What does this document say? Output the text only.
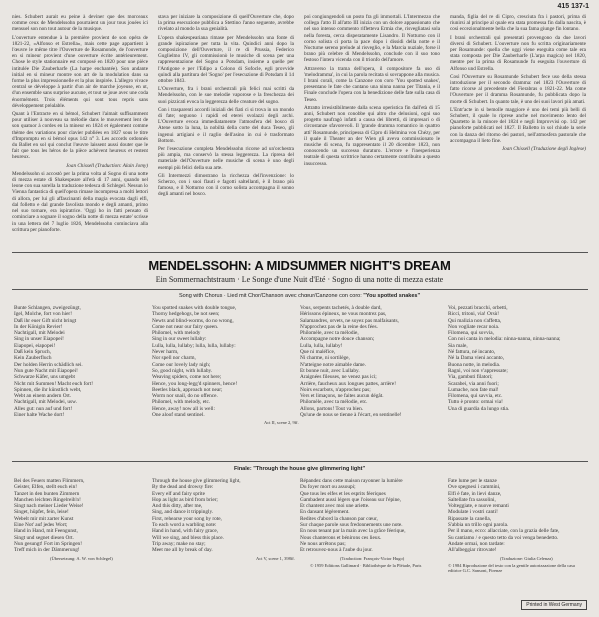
415 137-1

nies. Schubert aurait eu peine à deviner que des morceaux comme ceux de Mendelssohn pourraient un jour tous jouées ici mensuel son non tout autour de la musique.

L'ouverture entendue à la première provient de son opéra de 1821-22, «Alfonso et Estrella», mais cette page appartient à l'œuvre le même titre l'Ouverture de Rosamonde, de l'ouverture en si mineur provient d'une ouverture écrite antérieurement. Chose le style stationnaire est composé en 1820 pour une pièce intitulée Die Zauberharfe (La harpe enchantée). Son andante initial en si mineur montre son art de la modulation dans sa forme la plus impressionnelle et la plus inspirée. L'allegro vivace central se développe à partir d'un air de marche joyeuse, en ut, d'un ensemble sans surprise aucune, et tout se joue avec une coda énormément. Trois éléments qui sont tous repris sans développement préalable.

Quant à l'Entracte en si bémol, Schubert l'aimait suffisamment pour utiliser à nouveau sa mélodie dans le mouvement lent de son quatuor à cordes en la mineur en 1824 et également comme thème des variations pour clavier publiées en 1827 sous le titre d'Impromptu en si bémol opus 142 n° 3. Les accords ordonnés du Ballet en sol qui conclut l'œuvre laissent aussi douter que le fait que tous les héros de la pièce achèvent heureux et restent heureux.

Joan Chissell (Traduction: Alain Jomy)

Mendelssohn si accostò per la prima volta al Sogno di una notte di mezza estate di Shakespeare all'età di 17 anni, quando nel leone con sua sorella la traduzione tedesca di Schlegel. Nessun lo Vienna fantastica di quell'opera rimase incompresa a molti lettori di allora, per lui gli affascinanti della magia evocata dagli elfi, dal folletto e dal grande favolista mondo e degli amanti, primo nel suo tornare, era ispiratrice. 'Oggi ho in fatti pensato di cominciare a sognare il sogno della notte di mezza estate' scrisse in una lettera del 7 luglio 1826, Mendelssohn cominciava alla scrittura per pianoforte.

stava per iniziare la composizione di quell'Ouverture che, dopo la prima esecuzione pubblica a Stettino l'anno seguente, avrebbe rivelato al mondo la sua genialità.

L'opera shakespeariana rimase per Mendelssohn una fonte di grande ispirazione per tutta la vita. Quindici anni dopo la composizione dell'Ouverture, il re di Prussia, Federico Guglielmo IV, gli commissionò le musiche di scena per una rappresentazione del Sogno a Potsdam, insieme a quelle per l'Antigone e per l'Edipo a Colono di Sofocle, egli provvide quindi alla partitura del 'Sogno' per l'esecuzione di Potsdam il 14 ottobre 1843.

L'Ouverture, fra i brani orchestrali più felici mai scritti da Mendelssohn, con le sue melodie vaporose e la freschezza dei suoi pizzicati evoca la leggerezza delle creature del sogno.

Con i trasparenti accordi iniziali dei fiati ci si trova in un mondo di fate; seguono i rapidi ed eterei svolazzi degli archi. L'Ouverture evoca immediatamente l'atmosfera del bosco di Atene sotto la luna, la nobiltà della corte del duca Teseo, gli ingenui artigiani e il raglio dell'asino in cui è trasformato Bottom.

Per l'esecuzione completa Mendelssohn ricorse ad un'orchestra più ampia, ma conservò la stessa leggerezza. La ripresa del materiale dell'Ouverture nelle musiche di scena è uno degli esempi più felici della sua arte.

Gli Intermezzi dimostrano la ricchezza dell'invenzione: lo Scherzo, con i suoi flauti e fagotti saltellanti, è il brano più famoso, e il Notturno con il corno solista accompagna il sonno degli amanti nel bosco.

poi congiungendoli un posto fra gli immortali. L'Intermezzo che collega l'atto II all'atto III inizia con un dolore appassionato che nel suo intenso commento rifletteva Ermia che, risvegliatasi sola nella foresta, cerca disperatamente Lisandro. Il Notturno con il corno solista ci porta la pace dopo i dissidi della notte e il Nocturne sereno prelude al risveglio, e la Marcia nuziale, forse il brano più celebre di Mendelssohn, conclude con il suo tono festoso l'intera vicenda con il trionfo dell'amore.

Attraverso la trama dell'opera, il compositore fa uso di 'melodramma', in cui la parola recitata si sovrappone alla musica. I brani corali, come la Canzone con coro 'You spotted snakes', presentano le fate che cantano una ninna nanna per Titania, e il Finale conclude l'opera con la benedizione delle fate sulla casa di Teseo.

Attratto irresistibilmente dalla scena operistica fin dall'età di 15 anni, Schubert non conobbe qui altro che delusioni, ogni suo progetto naufragò infatti a causa dei libretti, di impresari o di circostanze sfavorevoli. Il 'grande dramma romantico in quattro atti' Rosamunde, principessa di Cipro di Helmina von Chézy, per il quale il Theater an der Wien gli aveva commissionato le musiche di scena, fu rappresentato il 20 dicembre 1823, non conoscendo un successo duraturo. L'errore e l'inesperienza teatrale di questa scrittrice hanno certamente contribuito a questo insuccesso.

manda, figlia del re di Cipro, cresciuta fra i pastori, prima di riunirsi al principe al quale era stata promessa fin dalla nascita, è così eccezionalmente bella che la sua fama giunge fin lontano.

I brani orchestrali qui presentati provengono da due lavori diversi di Schubert. L'ouverture non fu scritta originariamente per Rosamunde: quella che oggi viene eseguita come tale era stata composta per Die Zauberharfe (L'arpa magica) nel 1820, mentre per la prima di Rosamunde fu eseguita l'ouverture di Alfonso und Estrella.

Così l'Ouverture su Rosamunde Schubert fece uso della stessa introduzione per il secondo dramma: nel 1823 l'Ouverture di fatto ricorse al precedente del Fierabras o 1821-22. Ma come l'Ouverture per il dramma Rosamunde, fu pubblicata dopo la morte di Schubert. In quanto tale, è uno dei suoi lavori più amati.

L'Entr'acte in si bemolle maggiore è uno dei temi più belli di Schubert, il quale lo riprese anche nel movimento lento del Quartetto in la minore del 1824 e negli Improvvisi op. 142 per pianoforte pubblicati nel 1827. Il Balletto in sol chiude la serie con la danza del ritorno dei pastori, nell'atmosfera pastorale che accompagna il lieto fine.

Joan Chissell (Traduzione degli Inglese)

MENDELSSOHN: A MIDSUMMER NIGHT'S DREAM
Ein Sommernachtstraum · Le Songe d'une Nuit d'Eté · Sogno di una notte di mezza estate
Song with Chorus · Lied mit Chor/Chanson avec chœur/Canzone con coro: "You spotted snakes"
Bunte Schlangen, zweigezüngt,
Igel, Molche, fort von hier!
Daß ihr euer Gift nicht bringt
In der Königin Revier!
Nachtigall, mit Melodei
Sing in unser Eiapopei!
Eiapopei, eiapopei!
Daß kein Spruch,
Kein Zauberfluch
Der holden Herrin schädlich sei.
Nun gute Nacht mit Eiapopei!
Schwarze Käfer, uns umgebt
Nicht mit Summen! Macht euch fort!
Spinnen, die ihr künstlich webt,
Webt an einem andern Ort.
Nachtigall, mit Melodei, usw.
Alles gut: nun auf und fort!
Einer halte Wache dort!
You spotted snakes with double tongue,
Thorny hedgehogs, be not seen;
Newts and blind-worms, do no wrong,
Come not near our fairy queen.
Philomel, with melody
Sing in our sweet lullaby:
Lulla, lulla, lullaby; lulla, lulla, lullaby:
Never harm,
Nor spell nor charm,
Come our lovely lady nigh;
So, good night, with lullaby.
Weaving spiders, come not here;
Hence, you long-legg'd spinners, hence!
Beetles black, approach not near;
Worm nor snail, do no offence.
Philomel, with melody, etc.
Hence, away! now all is well:
One aloof stand sentinel.
Act II, scene 2, 9ff.
Vous, serpents tachetés, à double dard,
Hérissons épineux, ne vous montrez pas,
Salamandres, orvets, ne soyez pas malfaisants,
N'approchez pas de la reine des fées.
Philomèle, avec ta mélodie,
Accompagne notre douce chanson;
Lulla, lulla, lullaby!
Que ni maléfice,
Ni charme, ni sortilège,
N'atteigne notre aimable dame.
Et bonne nuit, avec Lullaby.
Araignées fileuses, ne venez pas ici;
Arrière, faucheux aux longues pattes, arrière!
Noirs escarbots, n'approchez pas;
Vers et limaçons, ne faites aucun dégât.
Philomèle, avec ta mélodie, etc.
Allons, partons! Tout va bien.
Qu'une de nous se tienne à l'écart, en sentinelle!
Voi, pezzati bracchi, orbetti,
Ricci, tritoni, via! Orsù!
Qui malizia non s'affetta,
Non vogliate recar noia.
Filomena, qui sovvia,
Con noi canta in melodia: ninna-nanna, ninna-nanna;
Sia male,
Né fattura, né incanto,
Né la Dama vieni accanto,
Buona notte, in melodia.
Ragni, voi non v'appressate;
Via, gambuti filatori;
Scarabei, via anni fuori;
Lumache, non fate mal!
Filomena, qui savvia, etc.
Tutto è pronto: ormai via!
Una di guardia da lungo stia.
Finale: "Through the house give glimmering light"
Bei des Feuers matten Flimmern,
Geister, Elfen, stellt euch ein!
Tanzet in den bunten Zimmern
Manchen leichten Ringelreih'n!
Singt nach meiner Lieder Weise!
Singet, hüpfet, fein, leise!
Webelt mir mit zarter Kunst
Eine Not' auf jedes Wort;
Hand in Hand, mit Feengunst,
Singt und segnet diesen Ort.
Nun gesungt! Fort im Springen!
Treff mich in der Dämmerung!
(Übersetzung: A. W. von Schlegel)
Through the house give glimmering light,
By the dead and drowsy fire:
Every elf and fairy sprite
Hop as light as bird from brier;
And this ditty, after me,
Sing, and dance it trippingly.
First, rehearse your song by rote,
To each word a warbling note:
Hand in hand, with fairy grace,
Will we sing, and bless this place.
Trip away; make no stay;
Meet me all by break of day.
Act V, scene 1, 398ff.
Répandez dans cette maison rayonner la lumière
Du foyer mort ou assoupi;
Que tous les elfes et les esprits féeriques
Gambadent aussi légers que l'oiseau sur l'épine,
Et chantent avec moi une ariette.
En dansant légèrement.
Redites d'abord la chanson par cœur,
Sur chaque parole sous fredonnements une note.
En nous tenant par la main avec la grâce féerique,
Nous chanterons et bénirons ces lieux.
Ne nous arrêtons pas;
Et retrouvez-nous à l'aube du jour.
(Traduction: François-Victor Hugo)
© 1959 Editions Gallimard · Bibliothèque de la Pléiade, Paris
Fate lume per le stanze
Ove spegnesi i cammini,
Elfi è fate, in lievi danze,
Saltellate fra sassolini,
Volteggiate, e nuove remanti
Modulate i vostri canti!
Ripassate la canella,
S'abbia un trillo ogni parola.
Per il mano, ecco: allacciate, con la grazia delle fate,
Su cantiamo / e questo tetto da voi venga benedetto.
Andate ormai, non tardate:
All'albeggiar ritrovate!
(Traduzione: Giulia Celenza)
© 1984 Riproduzione del testo con la gentile autorizzazione della casa editrice G.C. Sansoni, Firenze
Printed in West Germany
